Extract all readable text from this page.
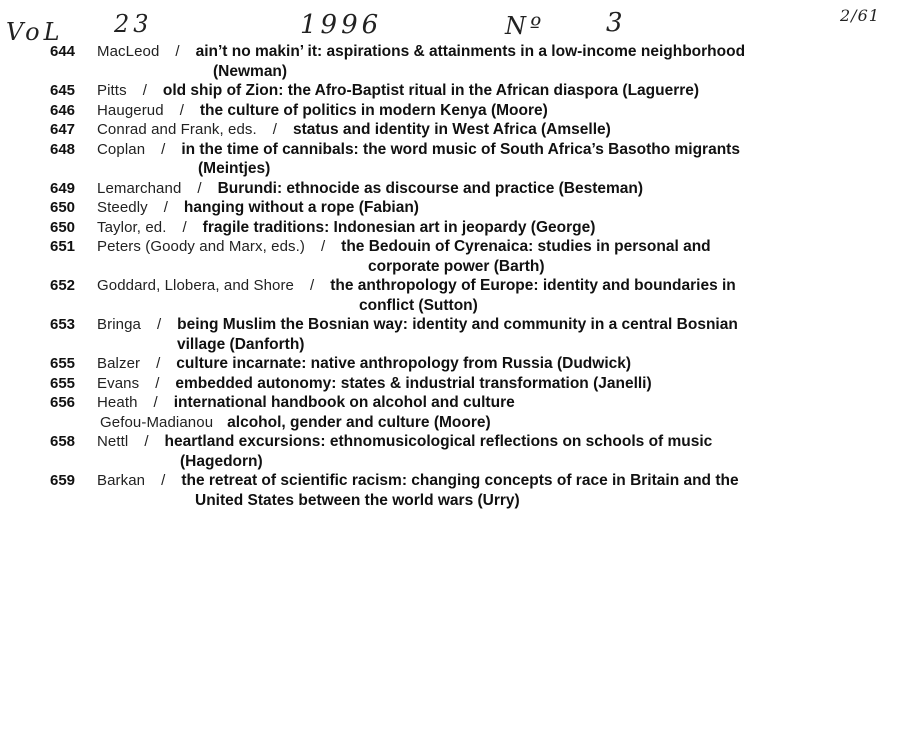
VoL 23	1996	Nº 3	2/61
644	MacLeod	/	ain’t no makin’ it: aspirations & attainments in a low-income neighborhood
(Newman)
645	Pitts	/	old ship of Zion: the Afro-Baptist ritual in the African diaspora (Laguerre)
646	Haugerud	/	the culture of politics in modern Kenya (Moore)
647	Conrad and Frank, eds.	/	status and identity in West Africa (Amselle)
648	Coplan	/	in the time of cannibals: the word music of South Africa’s Basotho migrants
(Meintjes)
649	Lemarchand	/	Burundi: ethnocide as discourse and practice (Besteman)
650	Steedly	/	hanging without a rope (Fabian)
650	Taylor, ed.	/	fragile traditions: Indonesian art in jeopardy (George)
651	Peters (Goody and Marx, eds.)	/	the Bedouin of Cyrenaica: studies in personal and
corporate power (Barth)
652	Goddard, Llobera, and Shore	/	the anthropology of Europe: identity and boundaries in
conflict (Sutton)
653	Bringa	/	being Muslim the Bosnian way: identity and community in a central Bosnian
village (Danforth)
655	Balzer	/	culture incarnate: native anthropology from Russia (Dudwick)
655	Evans	/	embedded autonomy: states & industrial transformation (Janelli)
656	Heath	/	international handbook on alcohol and culture
Gefou-Madianou alcohol, gender and culture (Moore)
658	Nettl	/	heartland excursions: ethnomusicological reflections on schools of music
(Hagedorn)
659	Barkan	/	the retreat of scientific racism: changing concepts of race in Britain and the
United States between the world wars (Urry)
